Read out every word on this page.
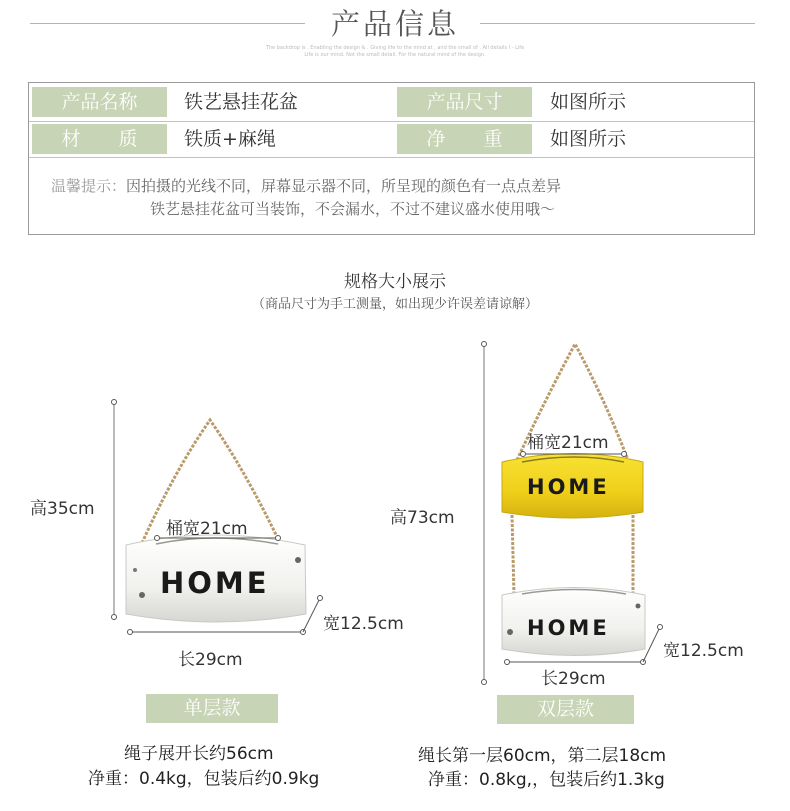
产品信息
The backdrop is . Enabling the design & . Giving life to the mind at , and the small of . All details I - Life
Life is our mind. Not the small detail. For the natural mind of the design.
产品名称	铁艺悬挂花盆	产品尺寸	如图所示
材　　质	铁质+麻绳	净　　重	如图所示
温馨提示：因拍摄的光线不同，屏幕显示器不同，所呈现的颜色有一点点差异
铁艺悬挂花盆可当装饰，不会漏水，不过不建议盛水使用哦～
规格大小展示
（商品尺寸为手工测量，如出现少许误差请谅解）
HOME
HOME
HOME
高35cm
桶宽21cm
宽12.5cm
长29cm
高73cm
桶宽21cm
宽12.5cm
长29cm
单层款	双层款
绳子展开长约56cm
净重：0.4kg，包装后约0.9kg
绳长第一层60cm，第二层18cm
净重：0.8kg,，包装后约1.3kg
